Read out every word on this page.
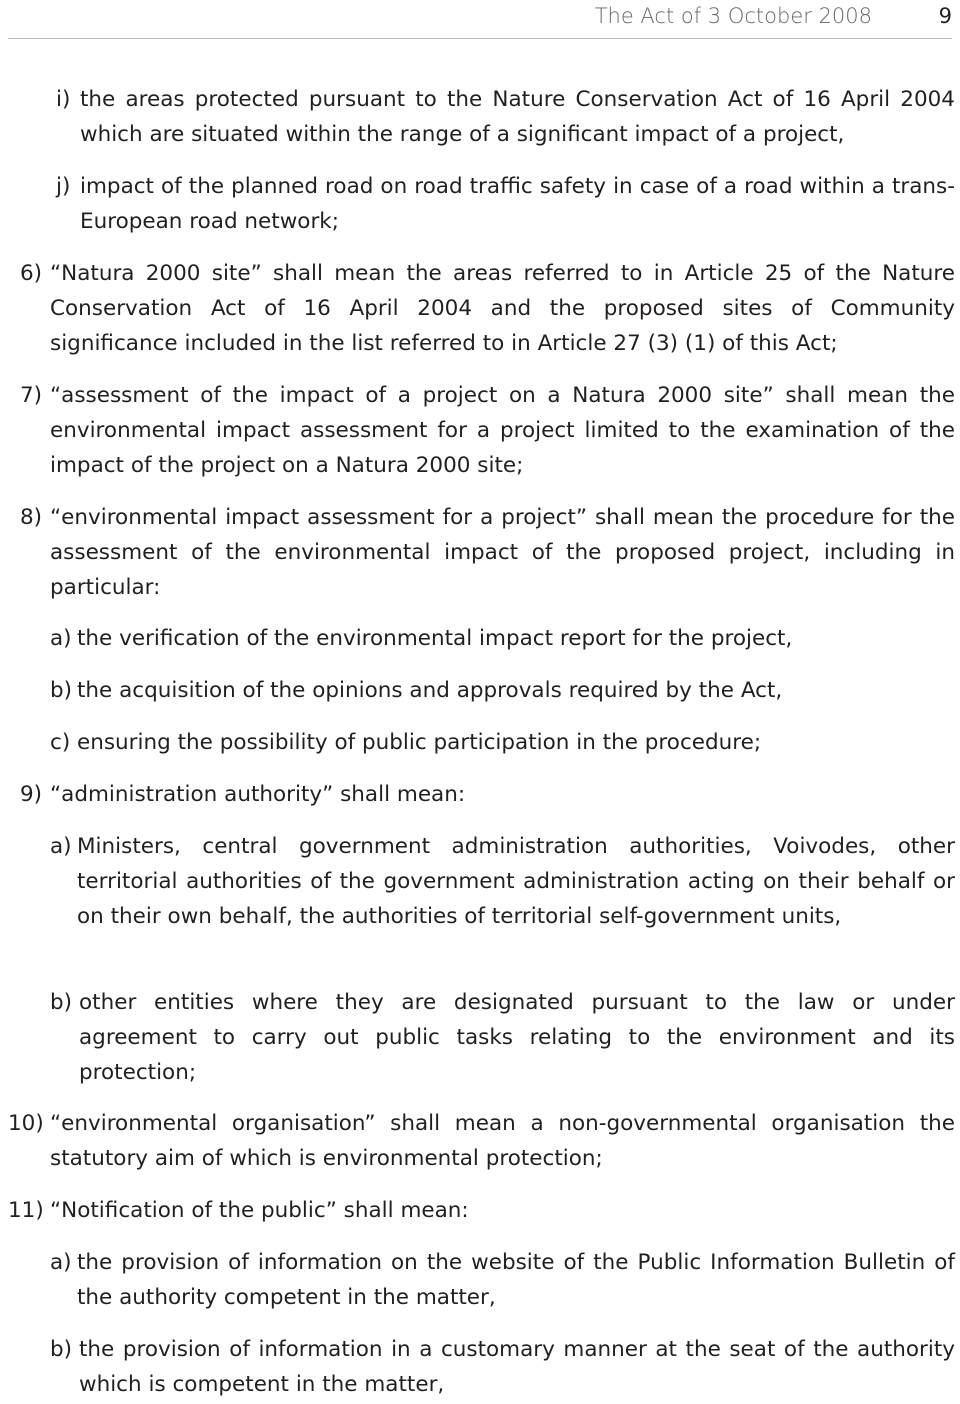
The Act of 3 October 2008	9
i) the areas protected pursuant to the Nature Conservation Act of 16 April 2004 which are situated within the range of a significant impact of a project,
j) impact of the planned road on road traffic safety in case of a road within a trans-European road network;
6) “Natura 2000 site” shall mean the areas referred to in Article 25 of the Nature Conservation Act of 16 April 2004 and the proposed sites of Community significance included in the list referred to in Article 27 (3) (1) of this Act;
7) “assessment of the impact of a project on a Natura 2000 site” shall mean the environmental impact assessment for a project limited to the examination of the impact of the project on a Natura 2000 site;
8) “environmental impact assessment for a project” shall mean the procedure for the assessment of the environmental impact of the proposed project, including in particular:
a) the verification of the environmental impact report for the project,
b) the acquisition of the opinions and approvals required by the Act,
c) ensuring the possibility of public participation in the procedure;
9) “administration authority” shall mean:
a) Ministers, central government administration authorities, Voivodes, other territorial authorities of the government administration acting on their behalf or on their own behalf, the authorities of territorial self-government units,
b) other entities where they are designated pursuant to the law or under agreement to carry out public tasks relating to the environment and its protection;
10) “environmental organisation” shall mean a non-governmental organisation the statutory aim of which is environmental protection;
11) “Notification of the public” shall mean:
a) the provision of information on the website of the Public Information Bulletin of the authority competent in the matter,
b) the provision of information in a customary manner at the seat of the authority which is competent in the matter,
